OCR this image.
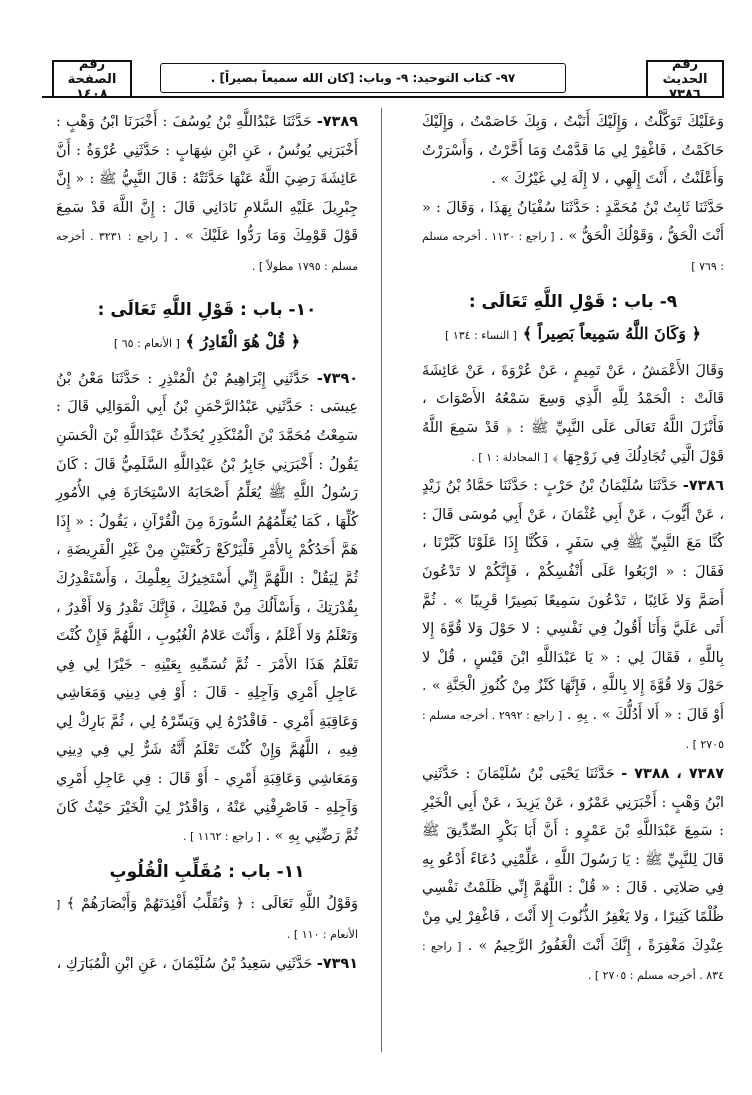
رقم الحديث
٧٣٨٦
٩٧- كتاب التوحيد: ٩- وباب: [كان الله سميعاً بصيراً] .
رقم الصفحة
١٤٠٨

وَعَلَيْكَ تَوَكَّلْتُ ، وَإِلَيْكَ أَنَبْتُ ، وَبِكَ خَاصَمْتُ ، وَإِلَيْكَ حَاكَمْتُ ، فَاغْفِرْ لِي مَا قَدَّمْتُ وَمَا أَخَّرْتُ ، وَأَسْرَرْتُ وَأَعْلَنْتُ ، أَنْتَ إِلَهِي ، لا إِلَهَ لِي غَيْرُكَ » .

حَدَّثَنَا ثَابِتُ بْنُ مُحَمَّدٍ : حَدَّثَنَا سُفْيَانُ بِهَذَا ، وَقَالَ : « أَنْتَ الْحَقُّ ، وَقَوْلُكَ الْحَقُّ » . [ راجع : ١١٢٠ . أخرجه مسلم : ٧٦٩ ]

٩- باب : قَوْلِ اللَّهِ تَعَالَى :
﴿ وَكَانَ اللَّهُ سَمِيعاً بَصِيراً ﴾ [ النساء : ١٣٤ ]

وَقَالَ الأَعْمَشُ ، عَنْ تَمِيمٍ ، عَنْ عُرْوَةَ ، عَنْ عَائِشَةَ قَالَتْ : الْحَمْدُ لِلَّهِ الَّذِي وَسِعَ سَمْعُهُ الأَصْوَاتَ ، فَأَنْزَلَ اللَّهُ تَعَالَى عَلَى النَّبِيِّ ﷺ : ﴿ قَدْ سَمِعَ اللَّهُ قَوْلَ الَّتِي تُجَادِلُكَ فِي زَوْجِهَا ﴾ [ المجادلة : ١ ] .

٧٣٨٦- حَدَّثَنَا سُلَيْمَانُ بْنُ حَرْبٍ : حَدَّثَنَا حَمَّادُ بْنُ زَيْدٍ ، عَنْ أَيُّوبَ ، عَنْ أَبِي عُثْمَانَ ، عَنْ أَبِي مُوسَى قَالَ : كُنَّا مَعَ النَّبِيِّ ﷺ فِي سَفَرٍ ، فَكُنَّا إِذَا عَلَوْنَا كَبَّرْنَا ، فَقَالَ : « ارْبَعُوا عَلَى أَنْفُسِكُمْ ، فَإِنَّكُمْ لا تَدْعُونَ أَصَمَّ وَلا غَائِبًا ، تَدْعُونَ سَمِيعًا بَصِيرًا قَرِيبًا » . ثُمَّ أَتَى عَلَيَّ وَأَنَا أَقُولُ فِي نَفْسِي : لا حَوْلَ وَلا قُوَّةَ إِلا بِاللَّهِ ، فَقَالَ لِي : « يَا عَبْدَاللَّهِ ابْنَ قَيْسٍ ، قُلْ لا حَوْلَ وَلا قُوَّةَ إِلا بِاللَّهِ ، فَإِنَّهَا كَنْزٌ مِنْ كُنُوزِ الْجَنَّةِ » . أَوْ قَالَ : « أَلا أَدُلُّكَ » . بِهِ . [ راجع : ٢٩٩٢ . أخرجه مسلم : ٢٧٠٥ ] .

٧٣٨٧ ، ٧٣٨٨ - حَدَّثَنَا يَحْيَى بْنُ سُلَيْمَانَ : حَدَّثَنِي ابْنُ وَهْبٍ : أَخْبَرَنِي عَمْرٌو ، عَنْ يَزِيدَ ، عَنْ أَبِي الْخَيْرِ : سَمِعَ عَبْدَاللَّهِ بْنَ عَمْرٍو : أَنَّ أَبَا بَكْرٍ الصِّدِّيقَ ﷺ قَالَ لِلنَّبِيِّ ﷺ : يَا رَسُولَ اللَّهِ ، عَلِّمْنِي دُعَاءً أَدْعُو بِهِ فِي صَلاتِي . قَالَ : « قُلْ : اللَّهُمَّ إِنِّي ظَلَمْتُ نَفْسِي ظُلْمًا كَثِيرًا ، وَلا يَغْفِرُ الذُّنُوبَ إِلا أَنْتَ ، فَاغْفِرْ لِي مِنْ عِنْدِكَ مَغْفِرَةً ، إِنَّكَ أَنْتَ الْغَفُورُ الرَّحِيمُ » . [ راجع : ٨٣٤ . أخرجه مسلم : ٢٧٠٥ ] .

٧٣٨٩- حَدَّثَنَا عَبْدُاللَّهِ بْنُ يُوسُفَ : أَخْبَرَنَا ابْنُ وَهْبٍ : أَخْبَرَنِي يُونُسُ ، عَنِ ابْنِ شِهَابٍ : حَدَّثَنِي عُرْوَةُ : أَنَّ عَائِشَةَ رَضِيَ اللَّهُ عَنْهَا حَدَّثَتْهُ : قَالَ النَّبِيُّ ﷺ : « إِنَّ جِبْرِيلَ عَلَيْهِ السَّلامِ نَادَانِي قَالَ : إِنَّ اللَّهَ قَدْ سَمِعَ قَوْلَ قَوْمِكَ وَمَا رَدُّوا عَلَيْكَ » . [ راجع : ٣٢٣١ . أخرجه مسلم : ١٧٩٥ مطولاً ] .

١٠- باب : قَوْلِ اللَّهِ تَعَالَى :
﴿ قُلْ هُوَ الْقَادِرُ ﴾ [ الأنعام : ٦٥ ]

٧٣٩٠- حَدَّثَنِي إِبْرَاهِيمُ بْنُ الْمُنْذِرِ : حَدَّثَنَا مَعْنُ بْنُ عِيسَى : حَدَّثَنِي عَبْدُالرَّحْمَنِ بْنُ أَبِي الْمَوَالِي قَالَ : سَمِعْتُ مُحَمَّدَ بْنَ الْمُنْكَدِرِ يُحَدِّثُ عَبْدَاللَّهِ بْنَ الْحَسَنِ يَقُولُ : أَخْبَرَنِي جَابِرُ بْنُ عَبْدِاللَّهِ السَّلَمِيُّ قَالَ : كَانَ رَسُولُ اللَّهِ ﷺ يُعَلِّمُ أَصْحَابَهُ الاسْتِخَارَةَ فِي الأُمُورِ كُلِّهَا ، كَمَا يُعَلِّمُهُمُ السُّورَةَ مِنَ الْقُرْآنِ ، يَقُولُ : « إِذَا هَمَّ أَحَدُكُمْ بِالأَمْرِ فَلْيَرْكَعْ رَكْعَتَيْنِ مِنْ غَيْرِ الْفَرِيضَةِ ، ثُمَّ لِيَقُلْ : اللَّهُمَّ إِنِّي أَسْتَخِيرُكَ بِعِلْمِكَ ، وَأَسْتَقْدِرُكَ بِقُدْرَتِكَ ، وَأَسْأَلُكَ مِنْ فَضْلِكَ ، فَإِنَّكَ تَقْدِرُ وَلا أَقْدِرُ ، وَتَعْلَمُ وَلا أَعْلَمُ ، وَأَنْتَ عَلامُ الْغُيُوبِ ، اللَّهُمَّ فَإِنْ كُنْتَ تَعْلَمُ هَذَا الأَمْرَ - ثُمَّ تُسَمِّيهِ بِعَيْنِهِ - خَيْرًا لِي فِي عَاجِلِ أَمْرِي وَآجِلِهِ - قَالَ : أَوْ فِي دِينِي وَمَعَاشِي وَعَاقِبَةِ أَمْرِي - فَاقْدُرْهُ لِي وَيَسِّرْهُ لِي ، ثُمَّ بَارِكْ لِي فِيهِ ، اللَّهُمَّ وَإِنْ كُنْتَ تَعْلَمُ أَنَّهُ شَرٌّ لِي فِي دِينِي وَمَعَاشِي وَعَاقِبَةِ أَمْرِي - أَوْ قَالَ : فِي عَاجِلِ أَمْرِي وَآجِلِهِ - فَاصْرِفْنِي عَنْهُ ، وَاقْدُرْ لِيَ الْخَيْرَ حَيْثُ كَانَ ثُمَّ رَضِّنِي بِهِ » . [ راجع : ١١٦٢ ] .

١١- باب : مُقَلِّبِ الْقُلُوبِ

وَقَوْلُ اللَّهِ تَعَالَى : ﴿ وَنُقَلِّبُ أَفْئِدَتَهُمْ وَأَبْصَارَهُمْ ﴾ [ الأنعام : ١١٠ ] .

٧٣٩١- حَدَّثَنِي سَعِيدُ بْنُ سُلَيْمَانَ ، عَنِ ابْنِ الْمُبَارَكِ ،
